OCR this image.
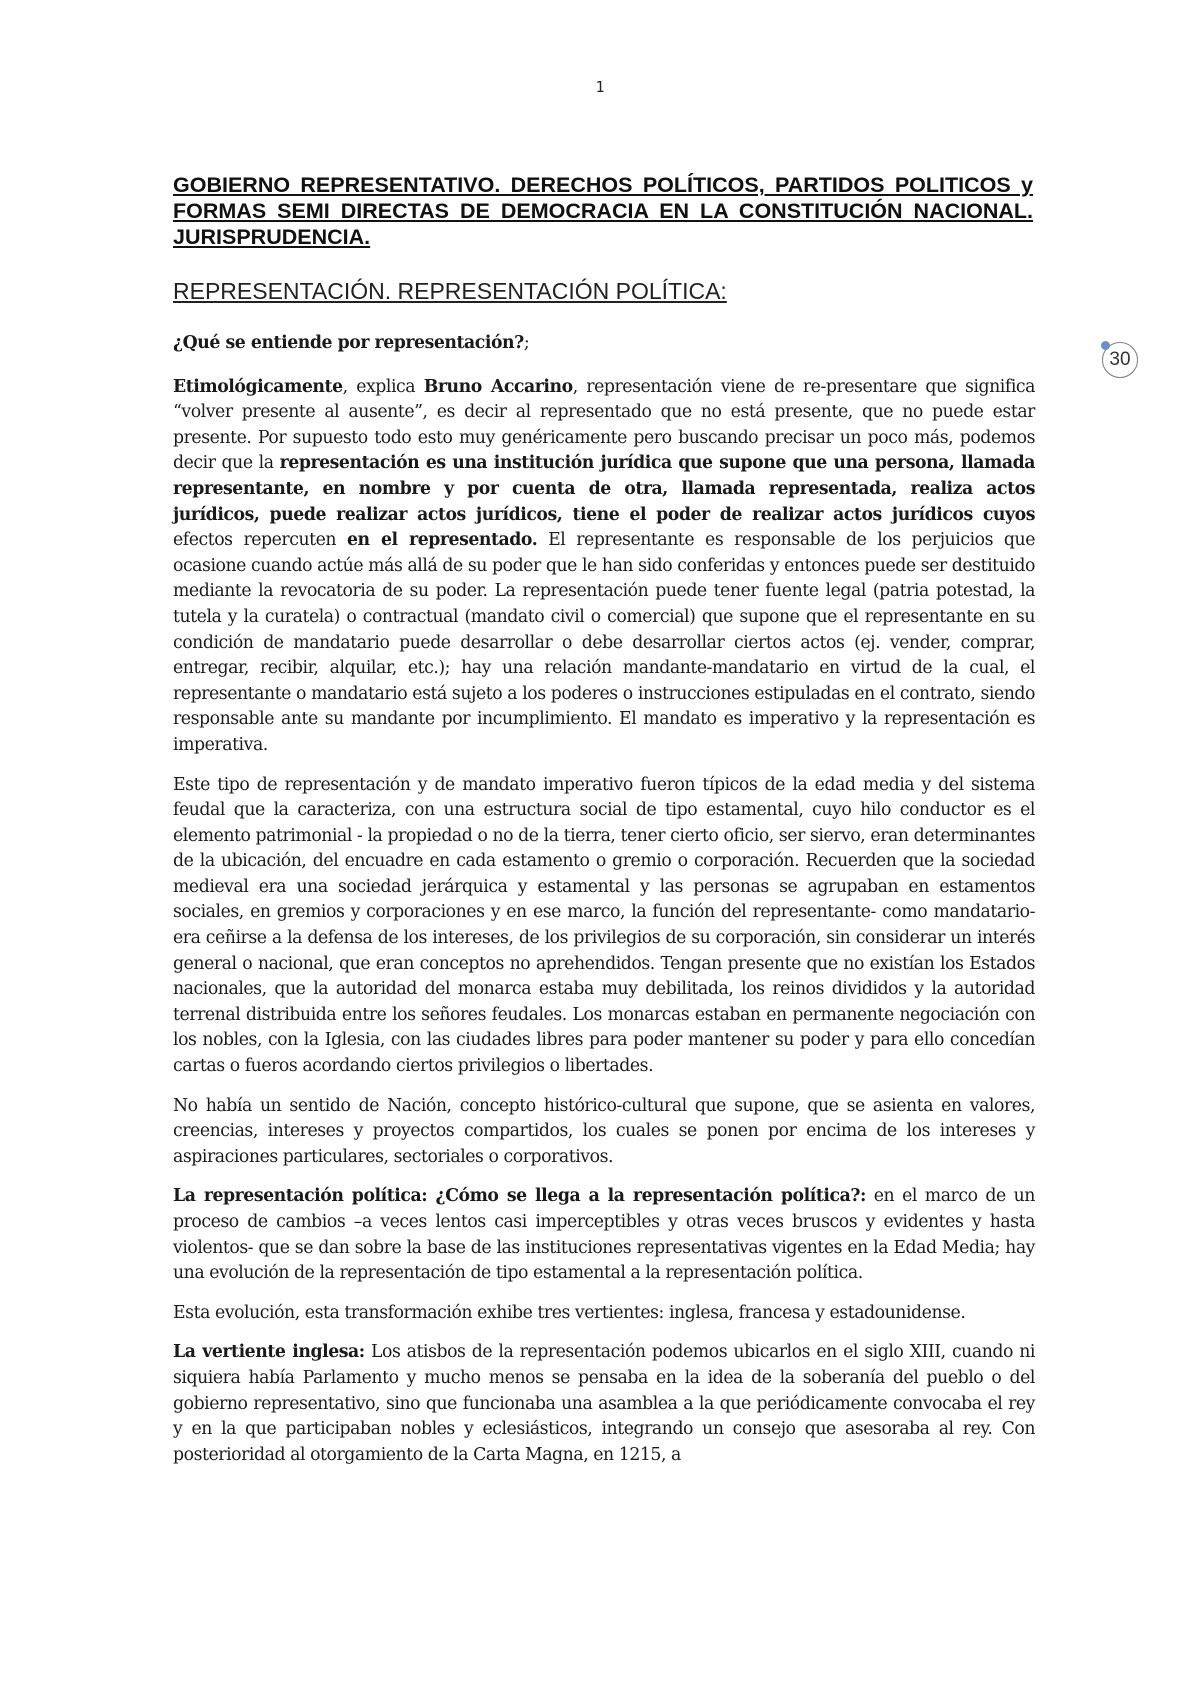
1
GOBIERNO REPRESENTATIVO. DERECHOS POLÍTICOS, PARTIDOS POLITICOS y FORMAS SEMI DIRECTAS DE DEMOCRACIA EN LA CONSTITUCIÓN NACIONAL. JURISPRUDENCIA.
REPRESENTACIÓN. REPRESENTACIÓN POLÍTICA:
30

¿Qué se entiende por representación?;

Etimológicamente, explica Bruno Accarino, representación viene de re-presentare que significa “volver presente al ausente”, es decir al representado que no está presente, que no puede estar presente. Por supuesto todo esto muy genéricamente pero buscando precisar un poco más, podemos decir que la representación es una institución jurídica que supone que una persona, llamada representante, en nombre y por cuenta de otra, llamada representada, realiza actos jurídicos, puede realizar actos jurídicos, tiene el poder de realizar actos jurídicos cuyos efectos repercuten en el representado. El representante es responsable de los perjuicios que ocasione cuando actúe más allá de su poder que le han sido conferidas y entonces puede ser destituido mediante la revocatoria de su poder. La representación puede tener fuente legal (patria potestad, la tutela y la curatela) o contractual (mandato civil o comercial) que supone que el representante en su condición de mandatario puede desarrollar o debe desarrollar ciertos actos (ej. vender, comprar, entregar, recibir, alquilar, etc.); hay una relación mandante-mandatario en virtud de la cual, el representante o mandatario está sujeto a los poderes o instrucciones estipuladas en el contrato, siendo responsable ante su mandante por incumplimiento. El mandato es imperativo y la representación es imperativa.

Este tipo de representación y de mandato imperativo fueron típicos de la edad media y del sistema feudal que la caracteriza, con una estructura social de tipo estamental, cuyo hilo conductor es el elemento patrimonial - la propiedad o no de la tierra, tener cierto oficio, ser siervo, eran determinantes de la ubicación, del encuadre en cada estamento o gremio o corporación. Recuerden que la sociedad medieval era una sociedad jerárquica y estamental y las personas se agrupaban en estamentos sociales, en gremios y corporaciones y en ese marco, la función del representante- como mandatario- era ceñirse a la defensa de los intereses, de los privilegios de su corporación, sin considerar un interés general o nacional, que eran conceptos no aprehendidos. Tengan presente que no existían los Estados nacionales, que la autoridad del monarca estaba muy debilitada, los reinos divididos y la autoridad terrenal distribuida entre los señores feudales. Los monarcas estaban en permanente negociación con los nobles, con la Iglesia, con las ciudades libres para poder mantener su poder y para ello concedían cartas o fueros acordando ciertos privilegios o libertades.

No había un sentido de Nación, concepto histórico-cultural que supone, que se asienta en valores, creencias, intereses y proyectos compartidos, los cuales se ponen por encima de los intereses y aspiraciones particulares, sectoriales o corporativos.

La representación política: ¿Cómo se llega a la representación política?: en el marco de un proceso de cambios –a veces lentos casi imperceptibles y otras veces bruscos y evidentes y hasta violentos- que se dan sobre la base de las instituciones representativas vigentes en la Edad Media; hay una evolución de la representación de tipo estamental a la representación política.

Esta evolución, esta transformación exhibe tres vertientes: inglesa, francesa y estadounidense.

La vertiente inglesa: Los atisbos de la representación podemos ubicarlos en el siglo XIII, cuando ni siquiera había Parlamento y mucho menos se pensaba en la idea de la soberanía del pueblo o del gobierno representativo, sino que funcionaba una asamblea a la que periódicamente convocaba el rey y en la que participaban nobles y eclesiásticos, integrando un consejo que asesoraba al rey. Con posterioridad al otorgamiento de la Carta Magna, en 1215, a
